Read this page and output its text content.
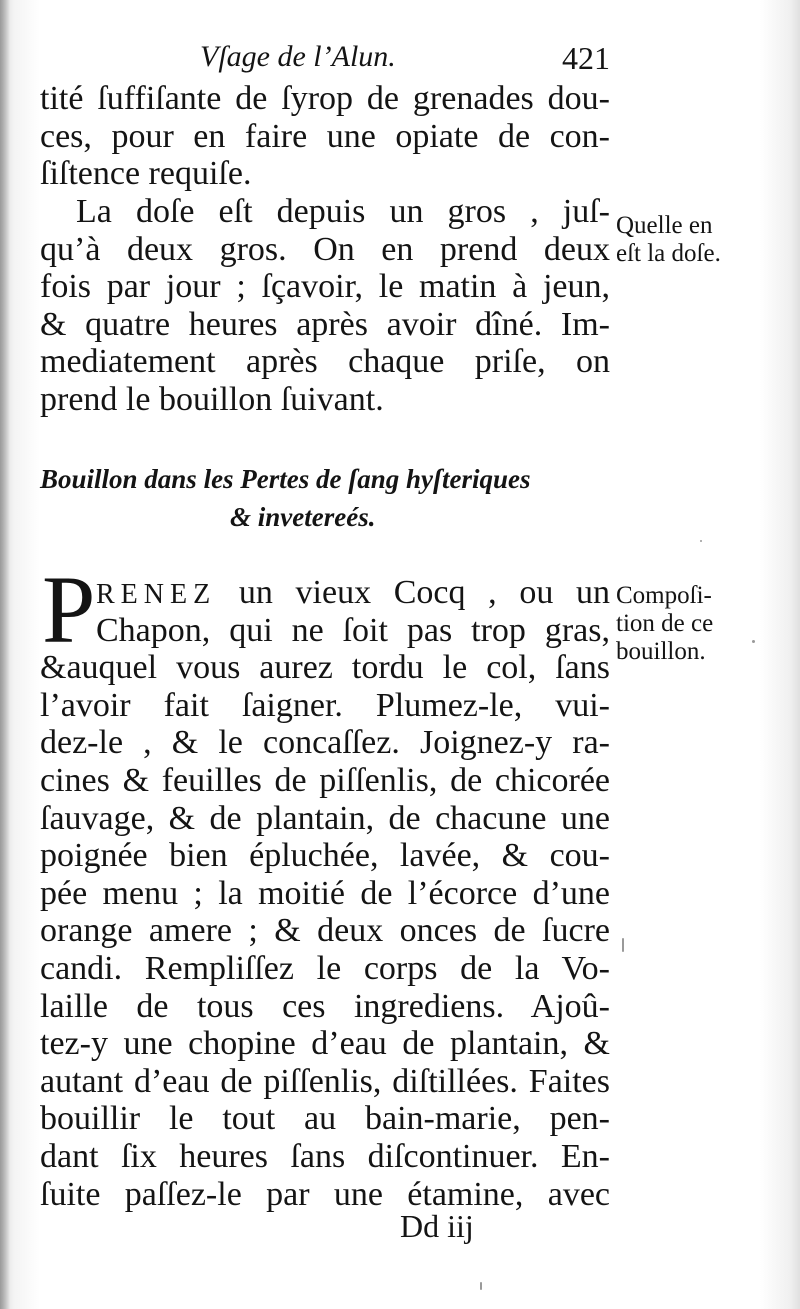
Vſage de l’Alun.	421
tité ſuffiſante de ſyrop de grenades dou-
ces, pour en faire une opiate de con-
ſiſtence requiſe.
La doſe eſt depuis un gros , juſ-
qu’à deux gros. On en prend deux
fois par jour ; ſçavoir, le matin à jeun,
& quatre heures après avoir dîné. Im-
mediatement après chaque priſe, on
prend le bouillon ſuivant.
Bouillon dans les Pertes de ſang hyſteriques
& invetereés.
P RENEZ un vieux Cocq , ou un
Chapon, qui ne ſoit pas trop gras,
&auquel vous aurez tordu le col, ſans
l’avoir fait ſaigner. Plumez-le, vui-
dez-le , & le concaſſez. Joignez-y ra-
cines & feuilles de piſſenlis, de chicorée
ſauvage, & de plantain, de chacune une
poignée bien épluchée, lavée, & cou-
pée menu ; la moitié de l’écorce d’une
orange amere ; & deux onces de ſucre
candi. Rempliſſez le corps de la Vo-
laille de tous ces ingrediens. Ajoû-
tez-y une chopine d’eau de plantain, &
autant d’eau de piſſenlis, diſtillées. Faites
bouillir le tout au bain-marie, pen-
dant ſix heures ſans diſcontinuer. En-
ſuite paſſez-le par une étamine, avec
Dd iij
Quelle en
eſt la doſe.
Compoſi-
tion de ce
bouillon.
